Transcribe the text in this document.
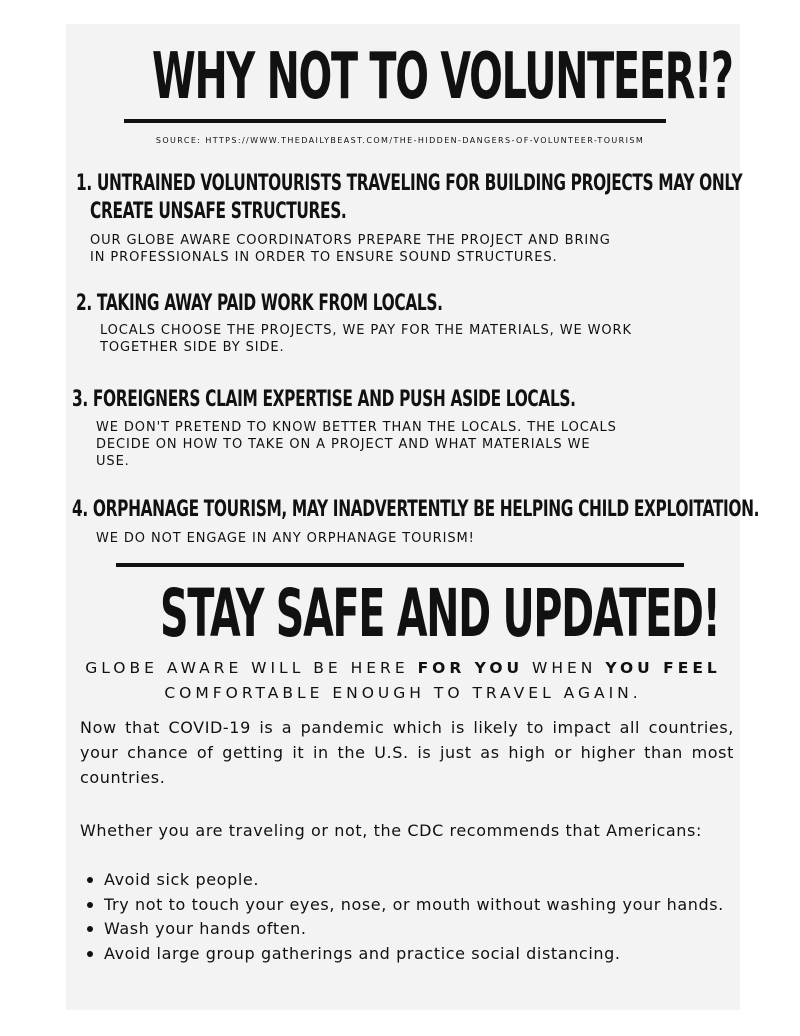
WHY NOT TO VOLUNTEER!?
SOURCE: HTTPS://WWW.THEDAILYBEAST.COM/THE-HIDDEN-DANGERS-OF-VOLUNTEER-TOURISM
1. UNTRAINED VOLUNTOURISTS TRAVELING FOR BUILDING PROJECTS MAY ONLY
CREATE UNSAFE STRUCTURES.
OUR GLOBE AWARE COORDINATORS PREPARE THE PROJECT AND BRING
IN PROFESSIONALS IN ORDER TO ENSURE SOUND STRUCTURES.
2. TAKING AWAY PAID WORK FROM LOCALS.
LOCALS CHOOSE THE PROJECTS, WE PAY FOR THE MATERIALS, WE WORK
TOGETHER SIDE BY SIDE.
3. FOREIGNERS CLAIM EXPERTISE AND PUSH ASIDE LOCALS.
WE DON'T PRETEND TO KNOW BETTER THAN THE LOCALS. THE LOCALS
DECIDE ON HOW TO TAKE ON A PROJECT AND WHAT MATERIALS WE
USE.
4. ORPHANAGE TOURISM, MAY INADVERTENTLY BE HELPING CHILD EXPLOITATION.
WE DO NOT ENGAGE IN ANY ORPHANAGE TOURISM!
STAY SAFE AND UPDATED!
GLOBE AWARE WILL BE HERE FOR YOU WHEN YOU FEEL COMFORTABLE ENOUGH TO TRAVEL AGAIN.
Now that COVID-19 is a pandemic which is likely to impact all countries, your chance of getting it in the U.S. is just as high or higher than most countries.
Whether you are traveling or not, the CDC recommends that Americans:
Avoid sick people.
Try not to touch your eyes, nose, or mouth without washing your hands.
Wash your hands often.
Avoid large group gatherings and practice social distancing.
